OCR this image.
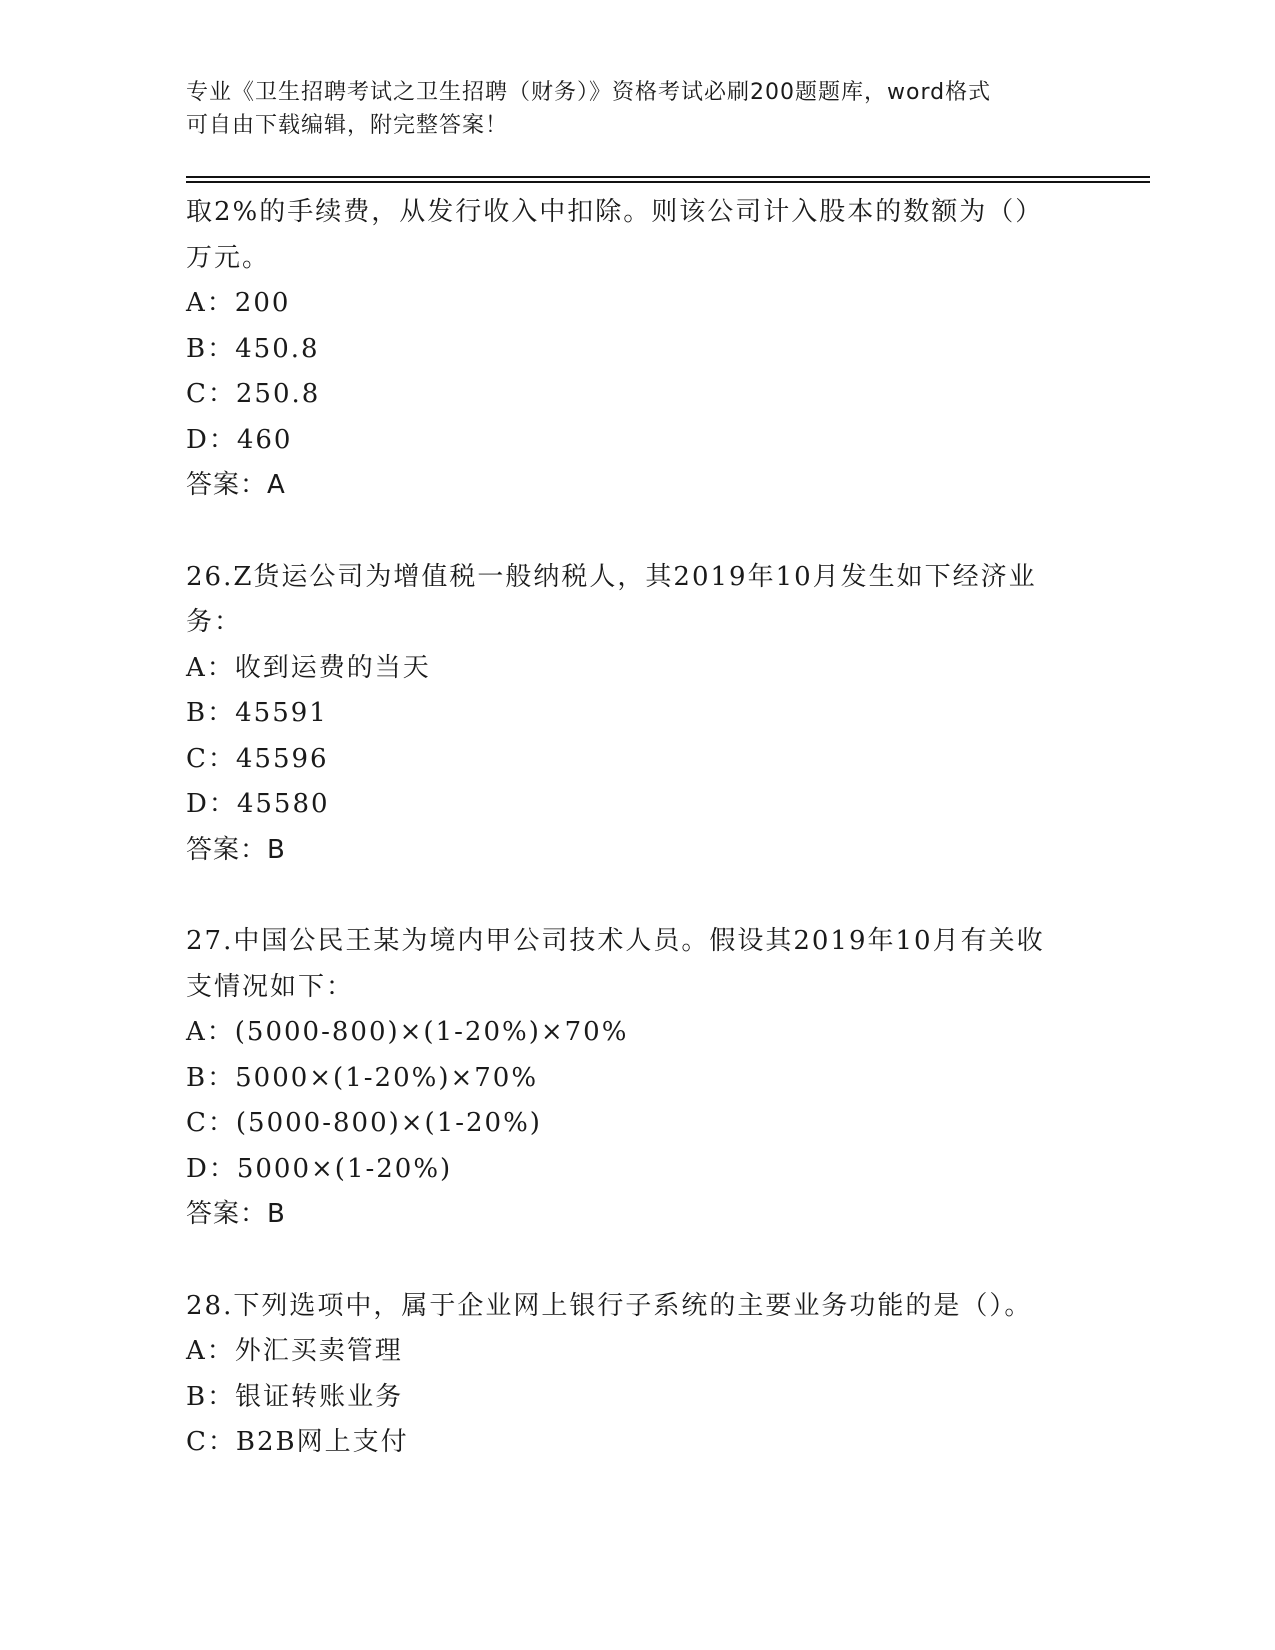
专业《卫生招聘考试之卫生招聘（财务）》资格考试必刷200题题库，word格式
可自由下载编辑，附完整答案！
取2%的手续费，从发行收入中扣除。则该公司计入股本的数额为（）
万元。
A：200
B：450.8
C：250.8
D：460
答案：A
26.Z货运公司为增值税一般纳税人，其2019年10月发生如下经济业
务：
A：收到运费的当天
B：45591
C：45596
D：45580
答案：B
27.中国公民王某为境内甲公司技术人员。假设其2019年10月有关收
支情况如下：
A：(5000-800)×(1-20%)×70%
B：5000×(1-20%)×70%
C：(5000-800)×(1-20%)
D：5000×(1-20%)
答案：B
28.下列选项中，属于企业网上银行子系统的主要业务功能的是（）。
A：外汇买卖管理
B：银证转账业务
C：B2B网上支付
